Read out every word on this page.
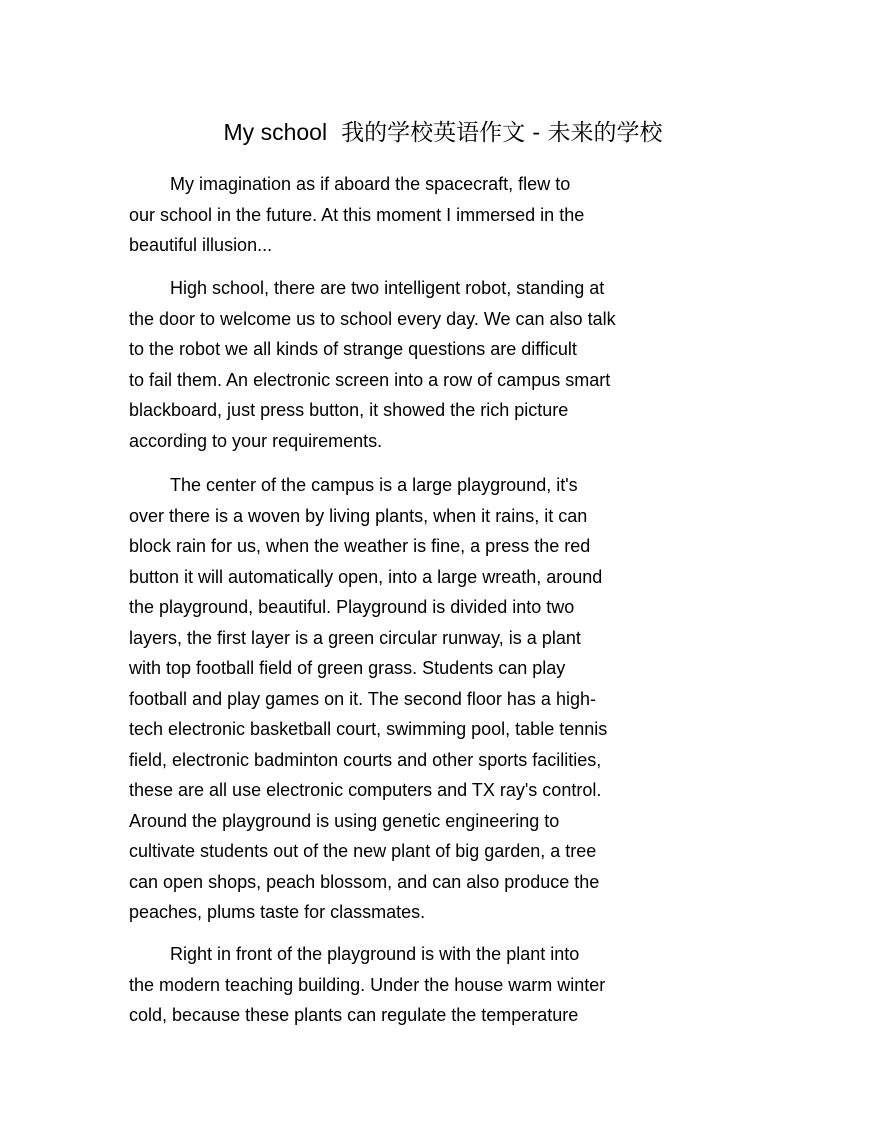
My school 我的学校英语作文 - 未来的学校
My imagination as if aboard the spacecraft, flew to
our school in the future. At this moment I immersed in the
beautiful illusion...
High school, there are two intelligent robot, standing at
the door to welcome us to school every day. We can also talk
to the robot we all kinds of strange questions are difficult
to fail them. An electronic screen into a row of campus smart
blackboard, just press button, it showed the rich picture
according to your requirements.
The center of the campus is a large playground, it's
over there is a woven by living plants, when it rains, it can
block rain for us, when the weather is fine, a press the red
button it will automatically open, into a large wreath, around
the playground, beautiful. Playground is divided into two
layers, the first layer is a green circular runway, is a plant
with top football field of green grass. Students can play
football and play games on it. The second floor has a high-
tech electronic basketball court, swimming pool, table tennis
field, electronic badminton courts and other sports facilities,
these are all use electronic computers and TX ray's control.
Around the playground is using genetic engineering to
cultivate students out of the new plant of big garden, a tree
can open shops, peach blossom, and can also produce the
peaches, plums taste for classmates.
Right in front of the playground is with the plant into
the modern teaching building. Under the house warm winter
cold, because these plants can regulate the temperature
